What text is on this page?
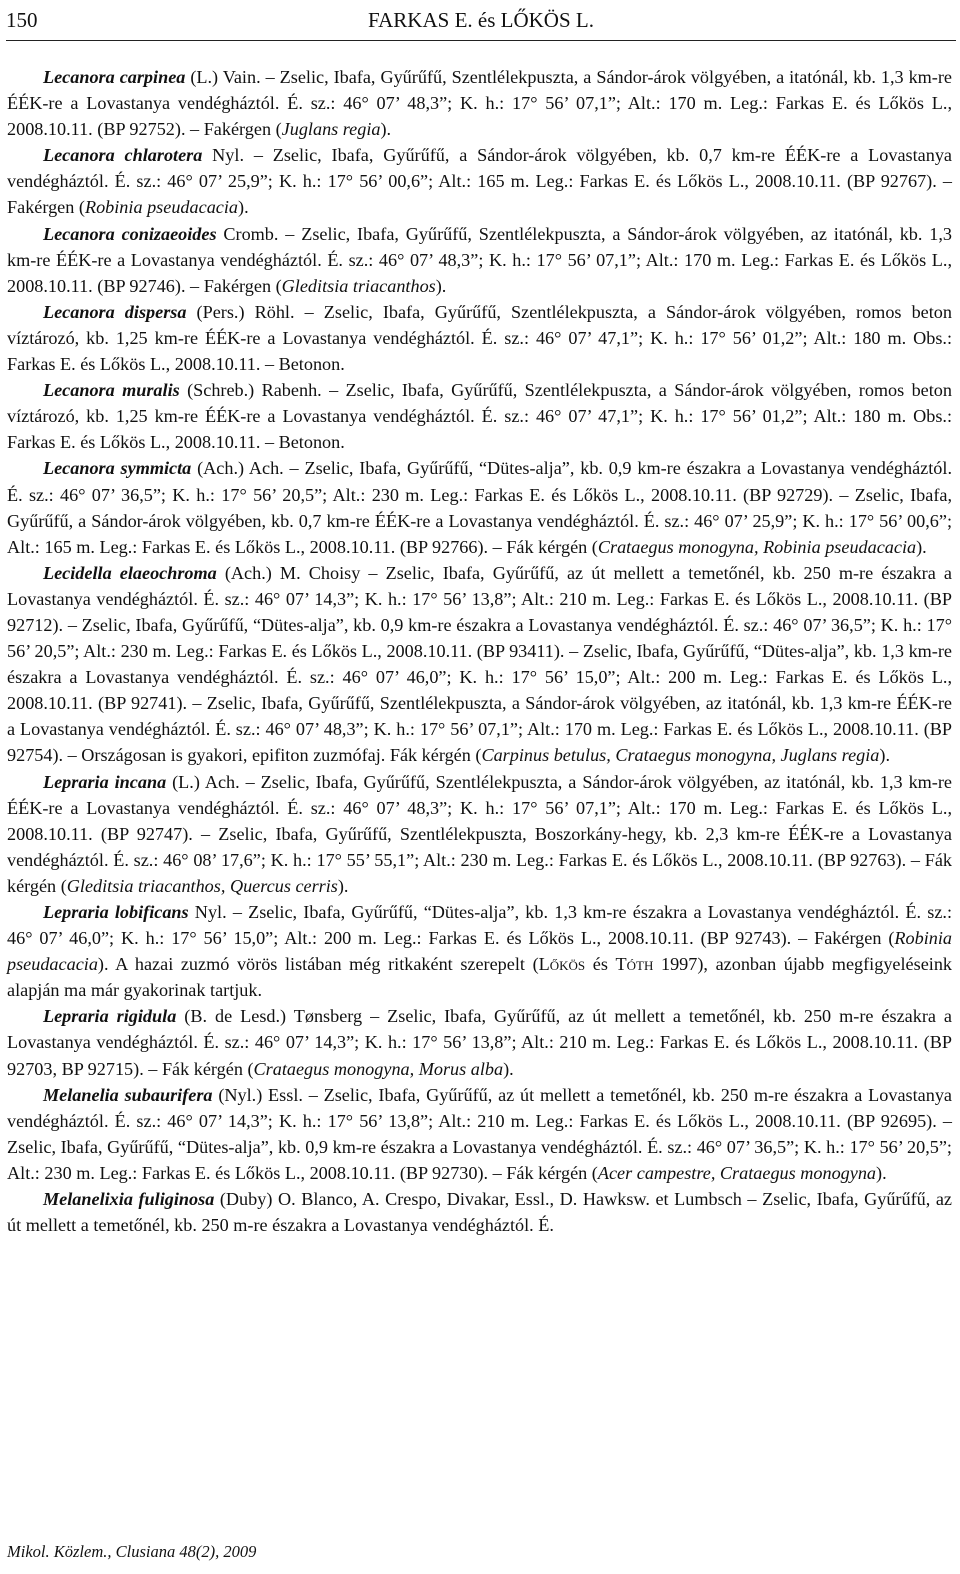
150	FARKAS E. és LŐKÖS L.

Lecanora carpinea (L.) Vain. – Zselic, Ibafa, Gyűrűfű, Szentlélekpuszta, a Sándor-árok völgyében, a itatónál, kb. 1,3 km-re ÉÉK-re a Lovastanya vendégháztól. É. sz.: 46° 07’ 48,3”; K. h.: 17° 56’ 07,1”; Alt.: 170 m. Leg.: Farkas E. és Lőkös L., 2008.10.11. (BP 92752). – Fakérgen (Juglans regia).

Lecanora chlarotera Nyl. – Zselic, Ibafa, Gyűrűfű, a Sándor-árok völgyében, kb. 0,7 km-re ÉÉK-re a Lovastanya vendégháztól. É. sz.: 46° 07’ 25,9”; K. h.: 17° 56’ 00,6”; Alt.: 165 m. Leg.: Farkas E. és Lőkös L., 2008.10.11. (BP 92767). – Fakérgen (Robinia pseudacacia).

Lecanora conizaeoides Cromb. – Zselic, Ibafa, Gyűrűfű, Szentlélekpuszta, a Sándor-árok völgyében, az itatónál, kb. 1,3 km-re ÉÉK-re a Lovastanya vendégháztól. É. sz.: 46° 07’ 48,3”; K. h.: 17° 56’ 07,1”; Alt.: 170 m. Leg.: Farkas E. és Lőkös L., 2008.10.11. (BP 92746). – Fakérgen (Gleditsia triacanthos).

Lecanora dispersa (Pers.) Röhl. – Zselic, Ibafa, Gyűrűfű, Szentlélekpuszta, a Sándor-árok völgyében, romos beton víztározó, kb. 1,25 km-re ÉÉK-re a Lovastanya vendégháztól. É. sz.: 46° 07’ 47,1”; K. h.: 17° 56’ 01,2”; Alt.: 180 m. Obs.: Farkas E. és Lőkös L., 2008.10.11. – Betonon.

Lecanora muralis (Schreb.) Rabenh. – Zselic, Ibafa, Gyűrűfű, Szentlélekpuszta, a Sándor-árok völgyében, romos beton víztározó, kb. 1,25 km-re ÉÉK-re a Lovastanya vendégháztól. É. sz.: 46° 07’ 47,1”; K. h.: 17° 56’ 01,2”; Alt.: 180 m. Obs.: Farkas E. és Lőkös L., 2008.10.11. – Betonon.

Lecanora symmicta (Ach.) Ach. – Zselic, Ibafa, Gyűrűfű, “Dütes-alja”, kb. 0,9 km-re északra a Lovastanya vendégháztól. É. sz.: 46° 07’ 36,5”; K. h.: 17° 56’ 20,5”; Alt.: 230 m. Leg.: Farkas E. és Lőkös L., 2008.10.11. (BP 92729). – Zselic, Ibafa, Gyűrűfű, a Sándor-árok völgyében, kb. 0,7 km-re ÉÉK-re a Lovastanya vendégháztól. É. sz.: 46° 07’ 25,9”; K. h.: 17° 56’ 00,6”; Alt.: 165 m. Leg.: Farkas E. és Lőkös L., 2008.10.11. (BP 92766). – Fák kérgén (Crataegus monogyna, Robinia pseudacacia).

Lecidella elaeochroma (Ach.) M. Choisy – Zselic, Ibafa, Gyűrűfű, az út mellett a temetőnél, kb. 250 m-re északra a Lovastanya vendégháztól. É. sz.: 46° 07’ 14,3”; K. h.: 17° 56’ 13,8”; Alt.: 210 m. Leg.: Farkas E. és Lőkös L., 2008.10.11. (BP 92712). – Zselic, Ibafa, Gyűrűfű, “Dütes-alja”, kb. 0,9 km-re északra a Lovastanya vendégháztól. É. sz.: 46° 07’ 36,5”; K. h.: 17° 56’ 20,5”; Alt.: 230 m. Leg.: Farkas E. és Lőkös L., 2008.10.11. (BP 93411). – Zselic, Ibafa, Gyűrűfű, “Dütes-alja”, kb. 1,3 km-re északra a Lovastanya vendégháztól. É. sz.: 46° 07’ 46,0”; K. h.: 17° 56’ 15,0”; Alt.: 200 m. Leg.: Farkas E. és Lőkös L., 2008.10.11. (BP 92741). – Zselic, Ibafa, Gyűrűfű, Szentlélekpuszta, a Sándor-árok völgyében, az itatónál, kb. 1,3 km-re ÉÉK-re a Lovastanya vendégháztól. É. sz.: 46° 07’ 48,3”; K. h.: 17° 56’ 07,1”; Alt.: 170 m. Leg.: Farkas E. és Lőkös L., 2008.10.11. (BP 92754). – Országosan is gyakori, epifiton zuzmófaj. Fák kérgén (Carpinus betulus, Crataegus monogyna, Juglans regia).

Lepraria incana (L.) Ach. – Zselic, Ibafa, Gyűrűfű, Szentlélekpuszta, a Sándor-árok völgyében, az itatónál, kb. 1,3 km-re ÉÉK-re a Lovastanya vendégháztól. É. sz.: 46° 07’ 48,3”; K. h.: 17° 56’ 07,1”; Alt.: 170 m. Leg.: Farkas E. és Lőkös L., 2008.10.11. (BP 92747). – Zselic, Ibafa, Gyűrűfű, Szentlélekpuszta, Boszorkány-hegy, kb. 2,3 km-re ÉÉK-re a Lovastanya vendégháztól. É. sz.: 46° 08’ 17,6”; K. h.: 17° 55’ 55,1”; Alt.: 230 m. Leg.: Farkas E. és Lőkös L., 2008.10.11. (BP 92763). – Fák kérgén (Gleditsia triacanthos, Quercus cerris).

Lepraria lobificans Nyl. – Zselic, Ibafa, Gyűrűfű, “Dütes-alja”, kb. 1,3 km-re északra a Lovastanya vendégháztól. É. sz.: 46° 07’ 46,0”; K. h.: 17° 56’ 15,0”; Alt.: 200 m. Leg.: Farkas E. és Lőkös L., 2008.10.11. (BP 92743). – Fakérgen (Robinia pseudacacia). A hazai zuzmó vörös listában még ritkaként szerepelt (Lőkös és Tóth 1997), azonban újabb megfigyeléseink alapján ma már gyakorinak tartjuk.

Lepraria rigidula (B. de Lesd.) Tønsberg – Zselic, Ibafa, Gyűrűfű, az út mellett a temetőnél, kb. 250 m-re északra a Lovastanya vendégháztól. É. sz.: 46° 07’ 14,3”; K. h.: 17° 56’ 13,8”; Alt.: 210 m. Leg.: Farkas E. és Lőkös L., 2008.10.11. (BP 92703, BP 92715). – Fák kérgén (Crataegus monogyna, Morus alba).

Melanelia subaurifera (Nyl.) Essl. – Zselic, Ibafa, Gyűrűfű, az út mellett a temetőnél, kb. 250 m-re északra a Lovastanya vendégháztól. É. sz.: 46° 07’ 14,3”; K. h.: 17° 56’ 13,8”; Alt.: 210 m. Leg.: Farkas E. és Lőkös L., 2008.10.11. (BP 92695). – Zselic, Ibafa, Gyűrűfű, “Dütes-alja”, kb. 0,9 km-re északra a Lovastanya vendégháztól. É. sz.: 46° 07’ 36,5”; K. h.: 17° 56’ 20,5”; Alt.: 230 m. Leg.: Farkas E. és Lőkös L., 2008.10.11. (BP 92730). – Fák kérgén (Acer campestre, Crataegus monogyna).

Melanelixia fuliginosa (Duby) O. Blanco, A. Crespo, Divakar, Essl., D. Hawksw. et Lumbsch – Zselic, Ibafa, Gyűrűfű, az út mellett a temetőnél, kb. 250 m-re északra a Lovastanya vendégháztól. É.

Mikol. Közlem., Clusiana 48(2), 2009
